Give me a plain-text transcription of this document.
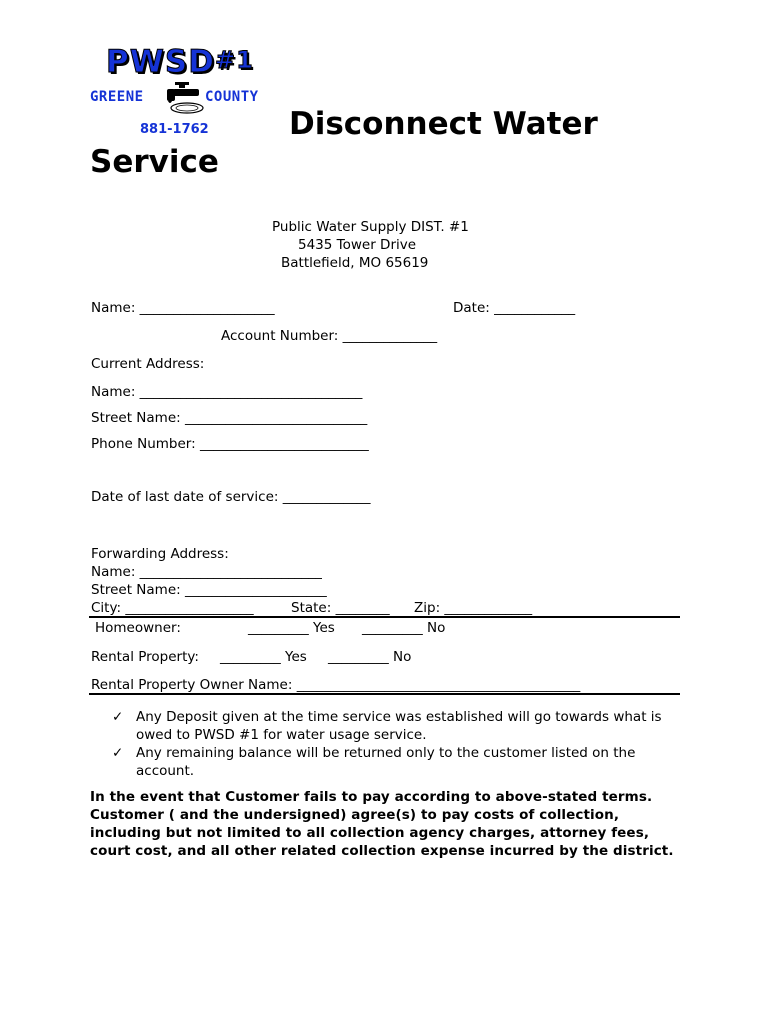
PWSD$^{\#1}$
GREENE	COUNTY
881-1762	Disconnect Water
Service
Public Water Supply DIST. #1
5435 Tower Drive
Battlefield, MO 65619
Name: ____________________	Date: ____________
Account Number: ______________
Current Address:
Name: _________________________________
Street Name: ___________________________
Phone Number: _________________________
Date of last date of service: _____________
Forwarding Address:
Name: ___________________________
Street Name: _____________________
City: ___________________	State: ________ Zip: _____________
Homeowner:	_________ Yes _________ No
Rental Property: _________ Yes _________ No
Rental Property Owner Name: __________________________________________
✓ Any Deposit given at the time service was established will go towards what is owed to PWSD #1 for water usage service.
✓ Any remaining balance will be returned only to the customer listed on the account.
In the event that Customer fails to pay according to above-stated terms. Customer ( and the undersigned) agree(s) to pay costs of collection, including but not limited to all collection agency charges, attorney fees, court cost, and all other related collection expense incurred by the district.
